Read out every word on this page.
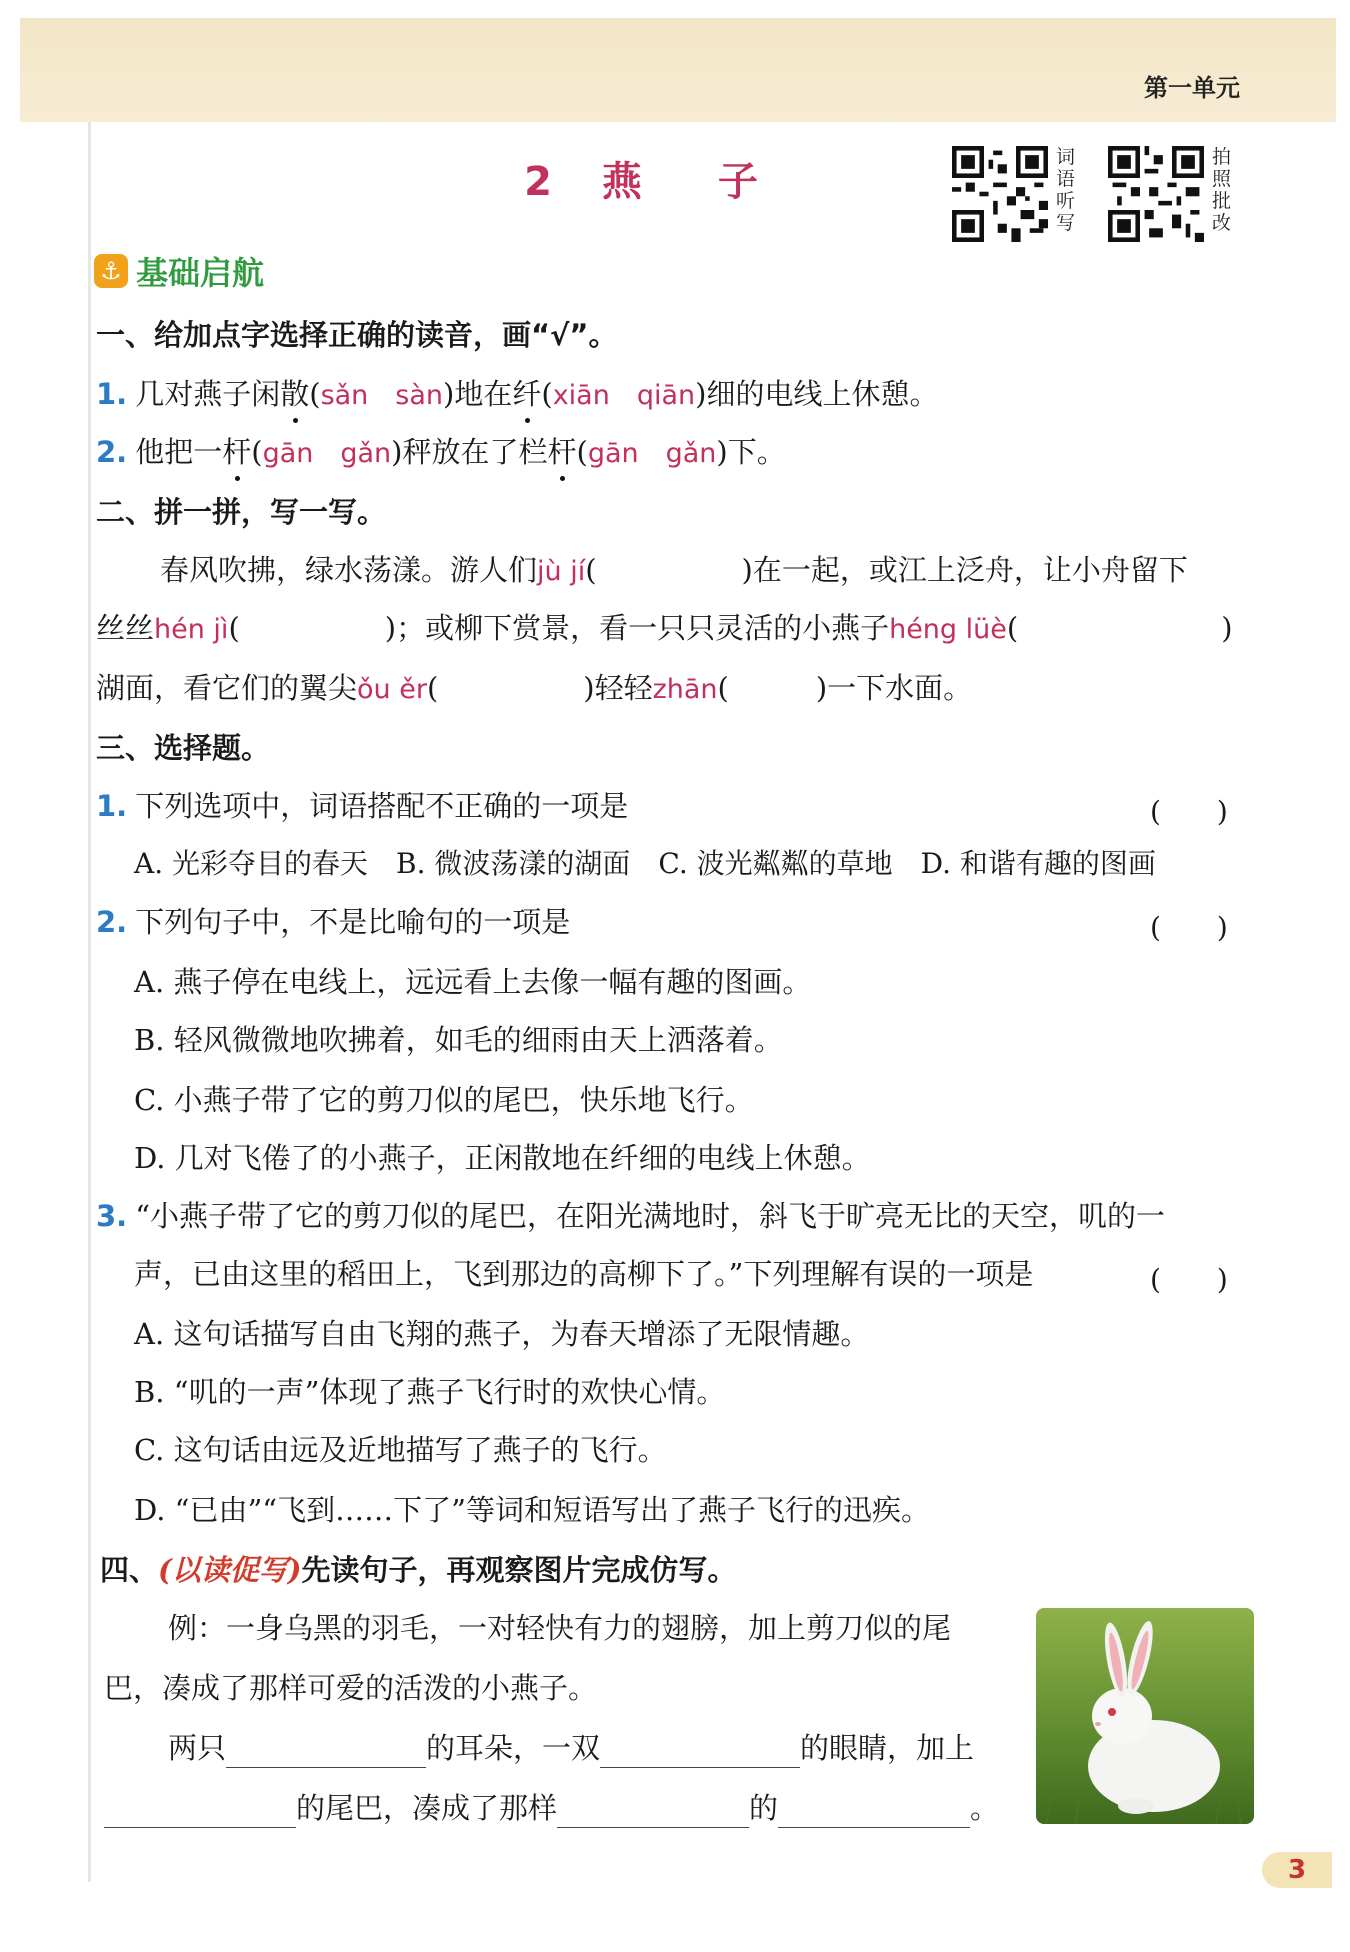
第一单元
2 燕　子
词语听写
拍照批改
⚓ 基础启航
一、给加点字选择正确的读音，画“√”。
1. 几对燕子闲散(sǎn　sàn)地在纤(xiān　qiān)细的电线上休憩。
2. 他把一杆(gān　gǎn)秤放在了栏杆(gān　gǎn)下。
二、拼一拼，写一写。
春风吹拂，绿水荡漾。游人们jù jí(　　　　　)在一起，或江上泛舟，让小舟留下
丝丝hén jì(　　　　　)；或柳下赏景，看一只只灵活的小燕子héng lüè(　　　　　　　)
湖面，看它们的翼尖ǒu ěr(　　　　　)轻轻zhān(　　　)一下水面。
三、选择题。
1. 下列选项中，词语搭配不正确的一项是	(　　)
A. 光彩夺目的春天　B. 微波荡漾的湖面　C. 波光粼粼的草地　D. 和谐有趣的图画
2. 下列句子中，不是比喻句的一项是	(　　)
A. 燕子停在电线上，远远看上去像一幅有趣的图画。
B. 轻风微微地吹拂着，如毛的细雨由天上洒落着。
C. 小燕子带了它的剪刀似的尾巴，快乐地飞行。
D. 几对飞倦了的小燕子，正闲散地在纤细的电线上休憩。
3. “小燕子带了它的剪刀似的尾巴，在阳光满地时，斜飞于旷亮无比的天空，叽的一
声，已由这里的稻田上，飞到那边的高柳下了。”下列理解有误的一项是	(　　)
A. 这句话描写自由飞翔的燕子，为春天增添了无限情趣。
B. “叽的一声”体现了燕子飞行时的欢快心情。
C. 这句话由远及近地描写了燕子的飞行。
D. “已由”“飞到……下了”等词和短语写出了燕子飞行的迅疾。
四、(以读促写)先读句子，再观察图片完成仿写。
例：一身乌黑的羽毛，一对轻快有力的翅膀，加上剪刀似的尾
巴，凑成了那样可爱的活泼的小燕子。
两只	的耳朵，一双	的眼睛，加上
的尾巴，凑成了那样	的	。
3
